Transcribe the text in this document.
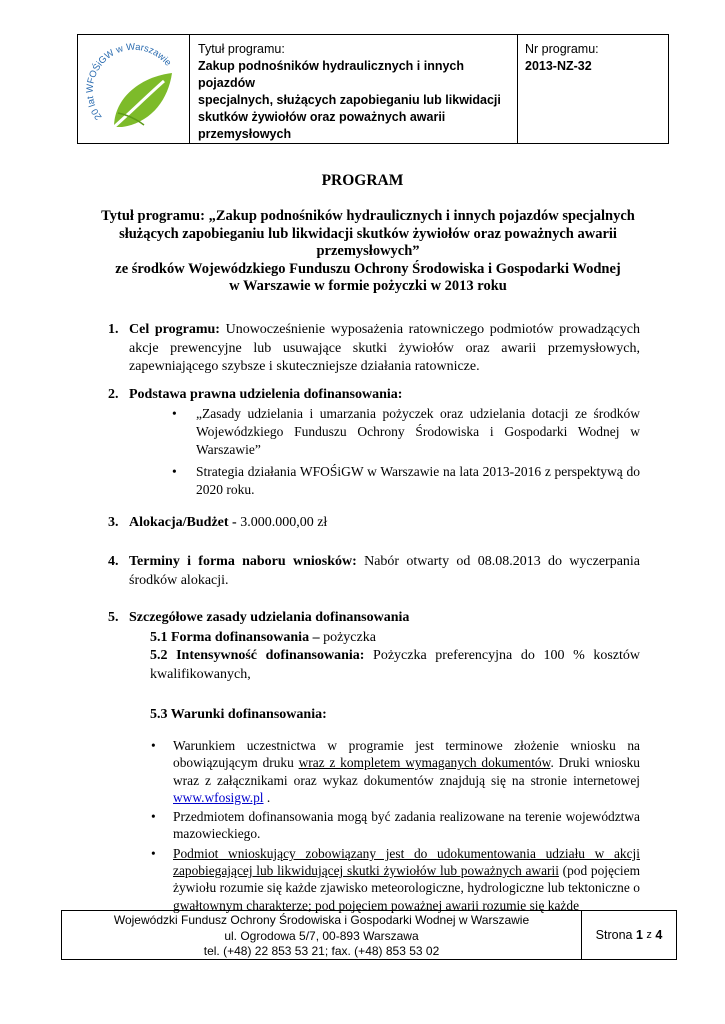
20 lat WFOŚiGW w Warszawie
Tytuł programu:
Zakup podnośników hydraulicznych i innych pojazdów
specjalnych, służących zapobieganiu lub likwidacji
skutków żywiołów oraz poważnych awarii
przemysłowych
Nr programu:
2013-NZ-32
PROGRAM
Tytuł programu: „Zakup podnośników hydraulicznych i innych pojazdów specjalnych
służących zapobieganiu lub likwidacji skutków żywiołów oraz poważnych awarii
przemysłowych”
ze środków Wojewódzkiego Funduszu Ochrony Środowiska i Gospodarki Wodnej
w Warszawie w formie pożyczki w 2013 roku
1. Cel programu: Unowocześnienie wyposażenia ratowniczego podmiotów prowadzących akcje prewencyjne lub usuwające skutki żywiołów oraz awarii przemysłowych, zapewniającego szybsze i skuteczniejsze działania ratownicze.
2. Podstawa prawna udzielenia dofinansowania:
• „Zasady udzielania i umarzania pożyczek oraz udzielania dotacji ze środków Wojewódzkiego Funduszu Ochrony Środowiska i Gospodarki Wodnej w Warszawie”
• Strategia działania WFOŚiGW w Warszawie na lata 2013-2016 z perspektywą do 2020 roku.
3. Alokacja/Budżet - 3.000.000,00 zł
4. Terminy i forma naboru wniosków: Nabór otwarty od 08.08.2013 do wyczerpania środków alokacji.
5. Szczegółowe zasady udzielania dofinansowania
5.1 Forma dofinansowania – pożyczka
5.2 Intensywność dofinansowania: Pożyczka preferencyjna do 100 % kosztów kwalifikowanych,
5.3 Warunki dofinansowania:
• Warunkiem uczestnictwa w programie jest terminowe złożenie wniosku na obowiązującym druku wraz z kompletem wymaganych dokumentów. Druki wniosku wraz z załącznikami oraz wykaz dokumentów znajdują się na stronie internetowej www.wfosigw.pl .
• Przedmiotem dofinansowania mogą być zadania realizowane na terenie województwa mazowieckiego.
• Podmiot wnioskujący zobowiązany jest do udokumentowania udziału w akcji zapobiegającej lub likwidującej skutki żywiołów lub poważnych awarii (pod pojęciem żywiołu rozumie się każde zjawisko meteorologiczne, hydrologiczne lub tektoniczne o gwałtownym charakterze; pod pojęciem poważnej awarii rozumie się każde
Wojewódzki Fundusz Ochrony Środowiska i Gospodarki Wodnej w Warszawie
ul. Ogrodowa 5/7, 00-893 Warszawa
tel. (+48) 22 853 53 21; fax. (+48) 853 53 02
Strona
1
z
4
